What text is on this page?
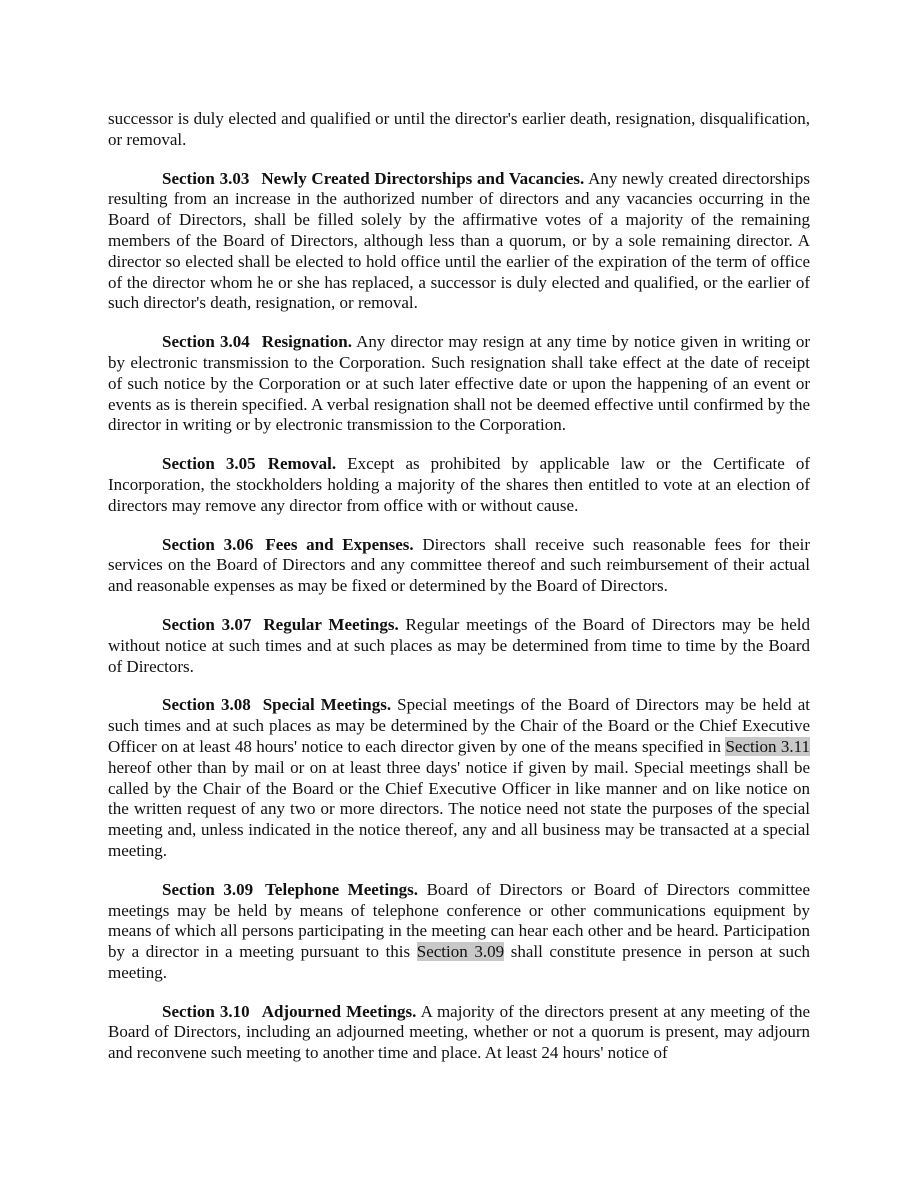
successor is duly elected and qualified or until the director's earlier death, resignation, disqualification, or removal.

Section 3.03 Newly Created Directorships and Vacancies. Any newly created directorships resulting from an increase in the authorized number of directors and any vacancies occurring in the Board of Directors, shall be filled solely by the affirmative votes of a majority of the remaining members of the Board of Directors, although less than a quorum, or by a sole remaining director. A director so elected shall be elected to hold office until the earlier of the expiration of the term of office of the director whom he or she has replaced, a successor is duly elected and qualified, or the earlier of such director's death, resignation, or removal.

Section 3.04 Resignation. Any director may resign at any time by notice given in writing or by electronic transmission to the Corporation. Such resignation shall take effect at the date of receipt of such notice by the Corporation or at such later effective date or upon the happening of an event or events as is therein specified. A verbal resignation shall not be deemed effective until confirmed by the director in writing or by electronic transmission to the Corporation.

Section 3.05 Removal. Except as prohibited by applicable law or the Certificate of Incorporation, the stockholders holding a majority of the shares then entitled to vote at an election of directors may remove any director from office with or without cause.

Section 3.06 Fees and Expenses. Directors shall receive such reasonable fees for their services on the Board of Directors and any committee thereof and such reimbursement of their actual and reasonable expenses as may be fixed or determined by the Board of Directors.

Section 3.07 Regular Meetings. Regular meetings of the Board of Directors may be held without notice at such times and at such places as may be determined from time to time by the Board of Directors.

Section 3.08 Special Meetings. Special meetings of the Board of Directors may be held at such times and at such places as may be determined by the Chair of the Board or the Chief Executive Officer on at least 48 hours' notice to each director given by one of the means specified in Section 3.11 hereof other than by mail or on at least three days' notice if given by mail. Special meetings shall be called by the Chair of the Board or the Chief Executive Officer in like manner and on like notice on the written request of any two or more directors. The notice need not state the purposes of the special meeting and, unless indicated in the notice thereof, any and all business may be transacted at a special meeting.

Section 3.09 Telephone Meetings. Board of Directors or Board of Directors committee meetings may be held by means of telephone conference or other communications equipment by means of which all persons participating in the meeting can hear each other and be heard. Participation by a director in a meeting pursuant to this Section 3.09 shall constitute presence in person at such meeting.

Section 3.10 Adjourned Meetings. A majority of the directors present at any meeting of the Board of Directors, including an adjourned meeting, whether or not a quorum is present, may adjourn and reconvene such meeting to another time and place. At least 24 hours' notice of
